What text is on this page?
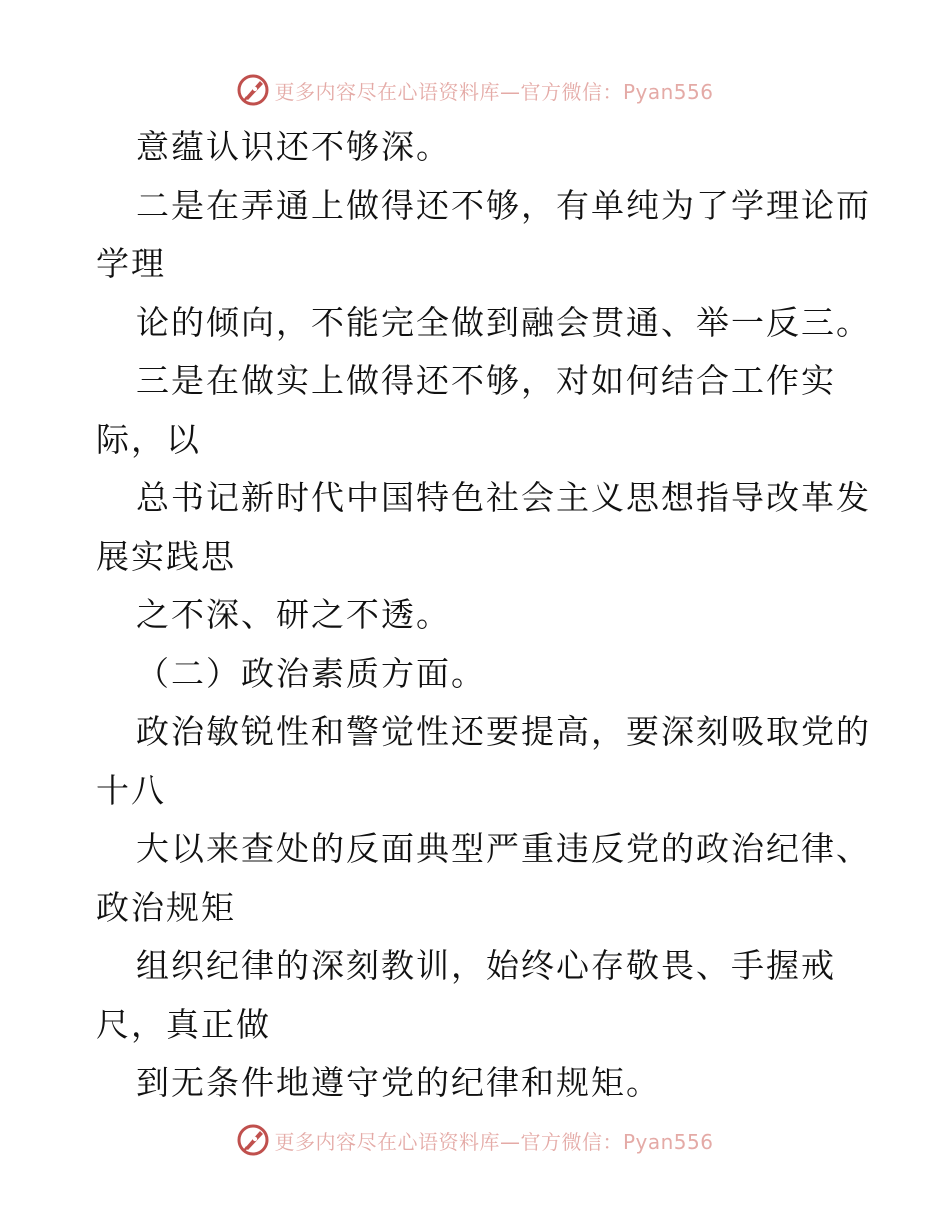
更多内容尽在心语资料库—官方微信：Pyan556
意蕴认识还不够深。
二是在弄通上做得还不够，有单纯为了学理论而
学理
论的倾向，不能完全做到融会贯通、举一反三。
三是在做实上做得还不够，对如何结合工作实
际，以
总书记新时代中国特色社会主义思想指导改革发
展实践思
之不深、研之不透。
（二）政治素质方面。
政治敏锐性和警觉性还要提高，要深刻吸取党的
十八
大以来查处的反面典型严重违反党的政治纪律、
政治规矩
组织纪律的深刻教训，始终心存敬畏、手握戒
尺，真正做
到无条件地遵守党的纪律和规矩。
更多内容尽在心语资料库—官方微信：Pyan556
